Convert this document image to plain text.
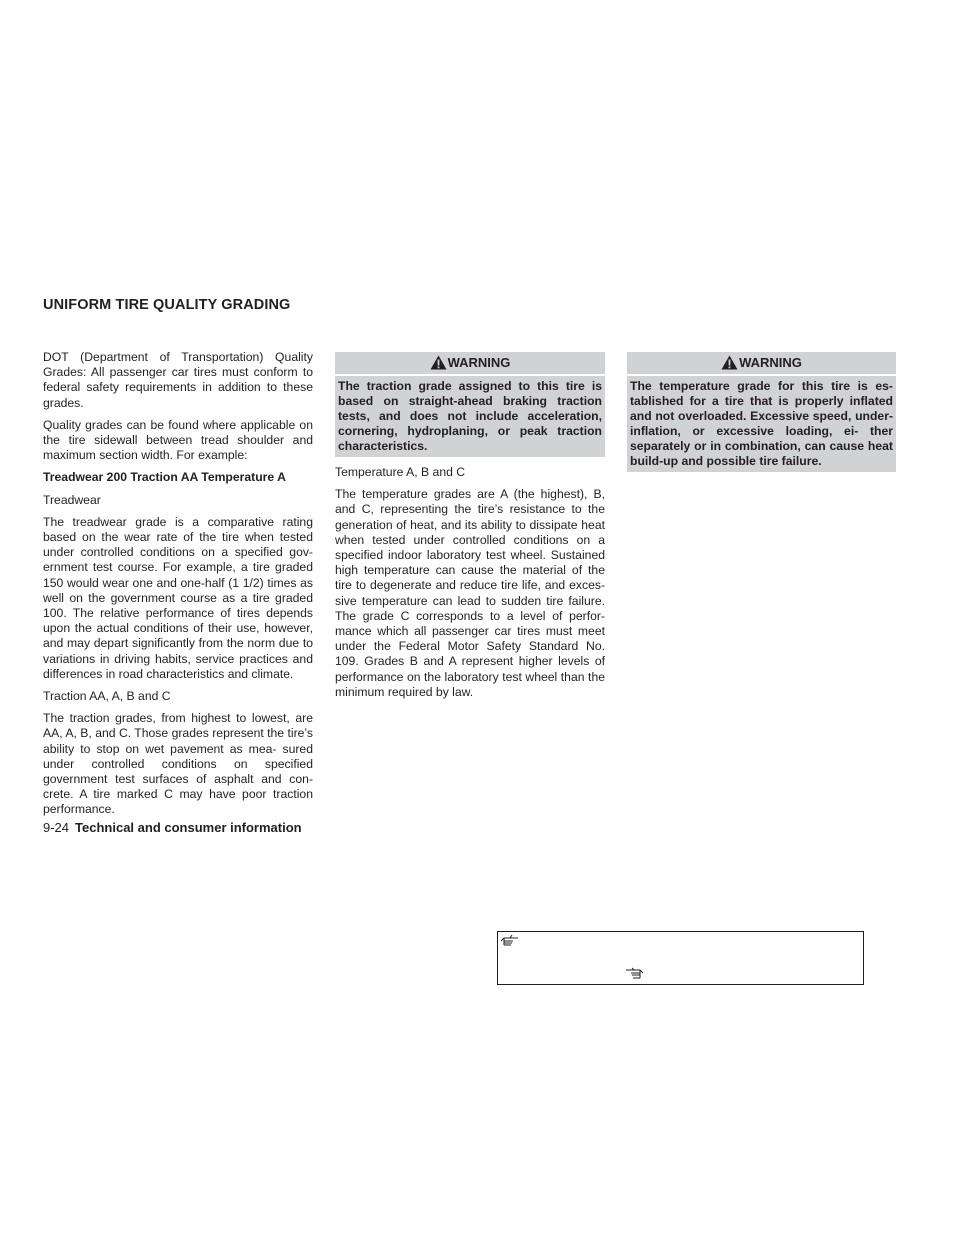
UNIFORM TIRE QUALITY GRADING

DOT (Department of Transportation) Quality Grades: All passenger car tires must conform to federal safety requirements in addition to these grades.

Quality grades can be found where applicable on the tire sidewall between tread shoulder and maximum section width. For example:

Treadwear 200 Traction AA Temperature A

Treadwear

The treadwear grade is a comparative rating based on the wear rate of the tire when tested under controlled conditions on a specified gov- ernment test course. For example, a tire graded 150 would wear one and one-half (1 1/2) times as well on the government course as a tire graded 100. The relative performance of tires depends upon the actual conditions of their use, however, and may depart significantly from the norm due to variations in driving habits, service practices and differences in road characteristics and climate.

Traction AA, A, B and C

The traction grades, from highest to lowest, are AA, A, B, and C. Those grades represent the tire’s ability to stop on wet pavement as mea- sured under controlled conditions on specified government test surfaces of asphalt and con- crete. A tire marked C may have poor traction performance.

WARNING
The traction grade assigned to this tire is based on straight-ahead braking traction tests, and does not include acceleration, cornering, hydroplaning, or peak traction characteristics.

Temperature A, B and C

The temperature grades are A (the highest), B, and C, representing the tire’s resistance to the generation of heat, and its ability to dissipate heat when tested under controlled conditions on a specified indoor laboratory test wheel. Sustained high temperature can cause the material of the tire to degenerate and reduce tire life, and exces- sive temperature can lead to sudden tire failure. The grade C corresponds to a level of perfor- mance which all passenger car tires must meet under the Federal Motor Safety Standard No. 109. Grades B and A represent higher levels of performance on the laboratory test wheel than the minimum required by law.

WARNING
The temperature grade for this tire is es- tablished for a tire that is properly inflated and not overloaded. Excessive speed, under-inflation, or excessive loading, ei- ther separately or in combination, can cause heat build-up and possible tire failure.
9-24 Technical and consumer information
